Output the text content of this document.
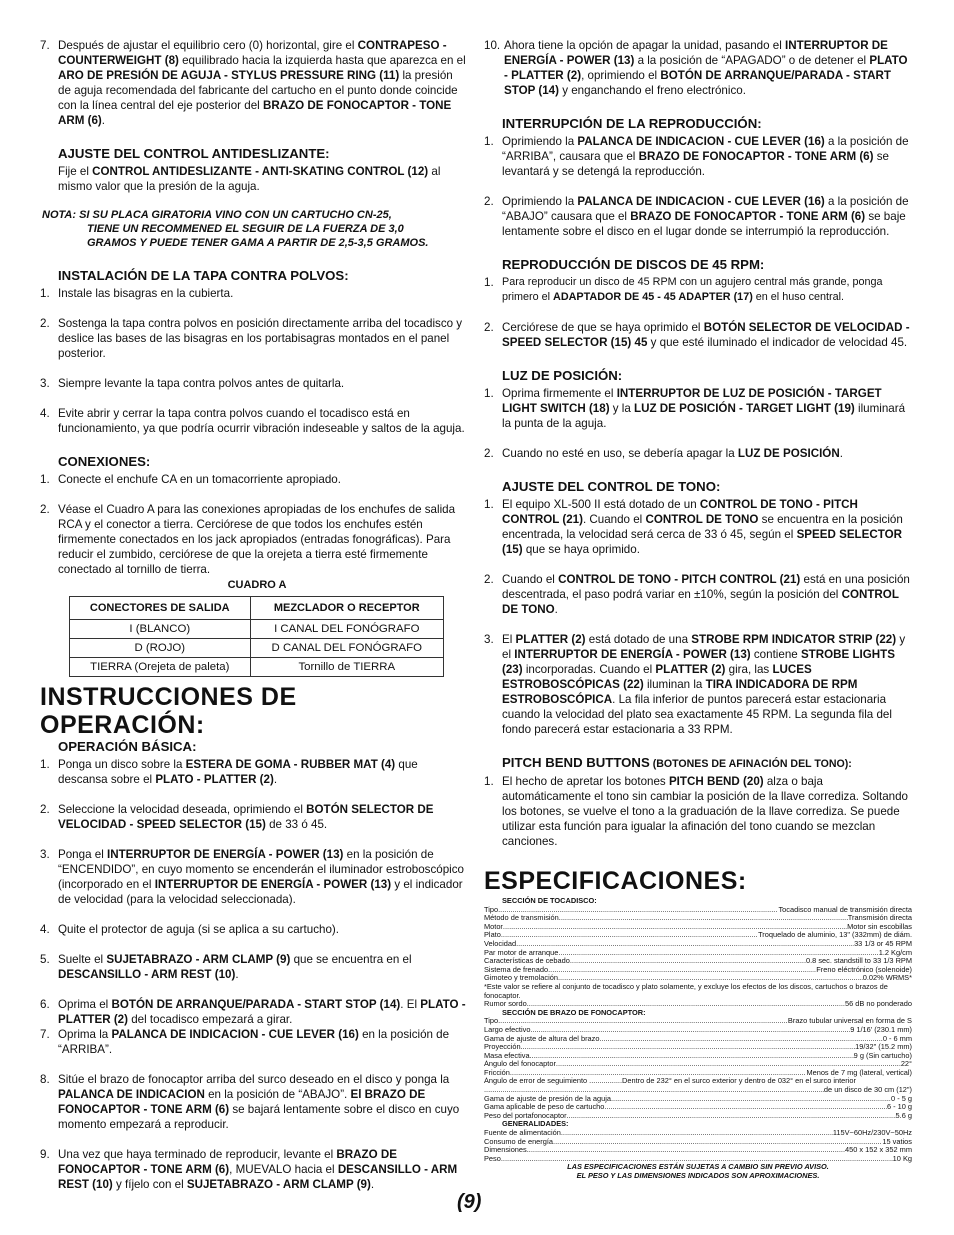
7. Después de ajustar el equilibrio cero (0) horizontal, gire el CONTRAPESO - COUNTERWEIGHT (8) equilibrado hacia la izquierda hasta que aparezca en el ARO DE PRESIÓN DE AGUJA - STYLUS PRESSURE RING (11) la presión de aguja recomendada del fabricante del cartucho en el punto donde coincide con la línea central del eje posterior del BRAZO DE FONOCAPTOR - TONE ARM (6).
AJUSTE DEL CONTROL ANTIDESLIZANTE:
Fije el CONTROL ANTIDESLIZANTE - ANTI-SKATING CONTROL (12) al mismo valor que la presión de la aguja.
NOTA: SI SU PLACA GIRATORIA VINO CON UN CARTUCHO CN-25,
TIENE UN RECOMMENED EL SEGUIR DE LA FUERZA DE 3,0
GRAMOS Y PUEDE TENER GAMA A PARTIR DE 2,5-3,5 GRAMOS.
INSTALACIÓN DE LA TAPA CONTRA POLVOS:
1. Instale las bisagras en la cubierta.
2. Sostenga la tapa contra polvos en posición directamente arriba del tocadisco y deslice las bases de las bisagras en los portabisagras montados en el panel posterior.
3. Siempre levante la tapa contra polvos antes de quitarla.
4. Evite abrir y cerrar la tapa contra polvos cuando el tocadisco está en funcionamiento, ya que podría ocurrir vibración indeseable y saltos de la aguja.
CONEXIONES:
1. Conecte el enchufe CA en un tomacorriente apropiado.
2. Véase el Cuadro A para las conexiones apropiadas de los enchufes de salida RCA y el conector a tierra. Cerciórese de que todos los enchufes estén firmemente conectados en los jack apropiados (entradas fonográficas). Para reducir el zumbido, cerciórese de que la orejeta a tierra esté firmemente conectado al tornillo de tierra.
CUADRO A
CONECTORES DE SALIDA	MEZCLADOR O RECEPTOR
I (BLANCO)	I CANAL DEL FONÓGRAFO
D (ROJO)	D CANAL DEL FONÓGRAFO
TIERRA (Orejeta de paleta)	Tornillo de TIERRA
INSTRUCCIONES DE OPERACIÓN:
OPERACIÓN BÁSICA:
1. Ponga un disco sobre la ESTERA DE GOMA - RUBBER MAT (4) que descansa sobre el PLATO - PLATTER (2).
2. Seleccione la velocidad deseada, oprimiendo el BOTÓN SELECTOR DE VELOCIDAD - SPEED SELECTOR (15) de 33 ó 45.
3. Ponga el INTERRUPTOR DE ENERGÍA - POWER (13) en la posición de “ENCENDIDO”, en cuyo momento se encenderán el iluminador estroboscópico (incorporado en el INTERRUPTOR DE ENERGÍA - POWER (13) y el indicador de velocidad (para la velocidad seleccionada).
4. Quite el protector de aguja (si se aplica a su cartucho).
5. Suelte el SUJETABRAZO - ARM CLAMP (9) que se encuentra en el DESCANSILLO - ARM REST (10).
6. Oprima el BOTÓN DE ARRANQUE/PARADA - START STOP (14). El PLATO - PLATTER (2) del tocadisco empezará a girar.
7. Oprima la PALANCA DE INDICACION - CUE LEVER (16) en la posición de “ARRIBA”.
8. Sitúe el brazo de fonocaptor arriba del surco deseado en el disco y ponga la PALANCA DE INDICACION en la posición de “ABAJO”. El BRAZO DE FONOCAPTOR - TONE ARM (6) se bajará lentamente sobre el disco en cuyo momento empezará a reproducir.
9. Una vez que haya terminado de reproducir, levante el BRAZO DE FONOCAPTOR - TONE ARM (6), MUEVALO hacia el DESCANSILLO - ARM REST (10) y fíjelo con el SUJETABRAZO - ARM CLAMP (9).
10. Ahora tiene la opción de apagar la unidad, pasando el INTERRUPTOR DE ENERGÍA - POWER (13) a la posición de “APAGADO” o de detener el PLATO - PLATTER (2), oprimiendo el BOTÓN DE ARRANQUE/PARADA - START STOP (14) y enganchando el freno electrónico.
INTERRUPCIÓN DE LA REPRODUCCIÓN:
1. Oprimiendo la PALANCA DE INDICACION - CUE LEVER (16) a la posición de “ARRIBA”, causara que el BRAZO DE FONOCAPTOR - TONE ARM (6) se levantará y se detengá la reproducción.
2. Oprimiendo la PALANCA DE INDICACION - CUE LEVER (16) a la posición de “ABAJO” causara que el BRAZO DE FONOCAPTOR - TONE ARM (6) se baje lentamente sobre el disco en el lugar donde se interrumpió la reproducción.
REPRODUCCIÓN DE DISCOS DE 45 RPM:
1. Para reproducir un disco de 45 RPM con un agujero central más grande, ponga primero el ADAPTADOR DE 45 - 45 ADAPTER (17) en el huso central.
2. Cerciórese de que se haya oprimido el BOTÓN SELECTOR DE VELOCIDAD - SPEED SELECTOR (15) 45 y que esté iluminado el indicador de velocidad 45.
LUZ DE POSICIÓN:
1. Oprima firmemente el INTERRUPTOR DE LUZ DE POSICIÓN - TARGET LIGHT SWITCH (18) y la LUZ DE POSICIÓN - TARGET LIGHT (19) iluminará la punta de la aguja.
2. Cuando no esté en uso, se debería apagar la LUZ DE POSICIÓN.
AJUSTE DEL CONTROL DE TONO:
1. El equipo XL-500 II está dotado de un CONTROL DE TONO - PITCH CONTROL (21). Cuando el CONTROL DE TONO se encuentra en la posición encentrada, la velocidad será cerca de 33 ó 45, según el SPEED SELECTOR (15) que se haya oprimido.
2. Cuando el CONTROL DE TONO - PITCH CONTROL (21) está en una posición descentrada, el paso podrá variar en ±10%, según la posición del CONTROL DE TONO.
3. El PLATTER (2) está dotado de una STROBE RPM INDICATOR STRIP (22) y el INTERRUPTOR DE ENERGÍA - POWER (13) contiene STROBE LIGHTS (23) incorporadas. Cuando el PLATTER (2) gira, las LUCES ESTROBOSCÓPICAS (22) iluminan la TIRA INDICADORA DE RPM ESTROBOSCÓPICA. La fila inferior de puntos parecerá estar estacionaria cuando la velocidad del plato sea exactamente 45 RPM. La segunda fila del fondo parecerá estar estacionaria a 33 RPM.
PITCH BEND BUTTONS (BOTONES DE AFINACIÓN DEL TONO):
1. El hecho de apretar los botones PITCH BEND (20) alza o baja automáticamente el tono sin cambiar la posición de la llave corrediza. Soltando los botones, se vuelve el tono a la graduación de la llave corrediza. Se puede utilizar esta función para igualar la afinación del tono cuando se mezclan canciones.
ESPECIFICACIONES:
SECCIÓN DE TOCADISCO:
Tipo .....	Tocadisco manual de transmisión directa
Método de transmisión .....	Transmisión directa
Motor .....	Motor sin escobillas
Plato .....	Troquelado de aluminio, 13" (332mm) de diám.
Velocidad .....	33 1/3 or 45 RPM
Par motor de arranque .....	1.2 Kg/cm
Características de cebado .....	0.8 sec. standstill to 33 1/3 RPM
Sistema de frenado .....	Freno eléctrónico (solenoide)
Gimoteo y tremolación .....	0.02% WRMS*
*Este valor se refiere al conjunto de tocadisco y plato solamente, y excluye los efectos de los discos, cartuchos o brazos de fonocaptor.
Rumor sordo .....	56 dB no ponderado
SECCIÓN DE BRAZO DE FONOCAPTOR:
Tipo .....	Brazo tubular universal en forma de S
Largo efectivo .....	9 1/16' (230.1 mm)
Gama de ajuste de altura del brazo .....	0 - 6 mm
Proyección .....	19/32" (15.2 mm)
Masa efectiva .....	9 g (Sin cartucho)
Ángulo del fonocaptor .....	22°
Fricción .....	Menos de 7 mg (lateral, vertical)
Ángulo de error de seguimiento ................Dentro de 232° en el surco exterior y dentro de 032° en el surco interior
.....
de un disco de 30 cm (12")
Gama de ajuste de presión de la aguja .....	0 - 5 g
Gama aplicable de peso de cartucho .....	6 - 10 g
Peso del portafonocaptor .....	5.6 g
GENERALIDADES:
Fuente de alimentación .....	115V~60Hz/230V~50Hz
Consumo de energía .....	15 vatios
Dimensiones .....	450 x 152 x 352 mm
Peso .....	10 Kg
LAS ESPECIFICACIONES ESTÁN SUJETAS A CAMBIO SIN PREVIO AVISO.
EL PESO Y LAS DIMENSIONES INDICADOS SON APROXIMACIONES.
(9)
